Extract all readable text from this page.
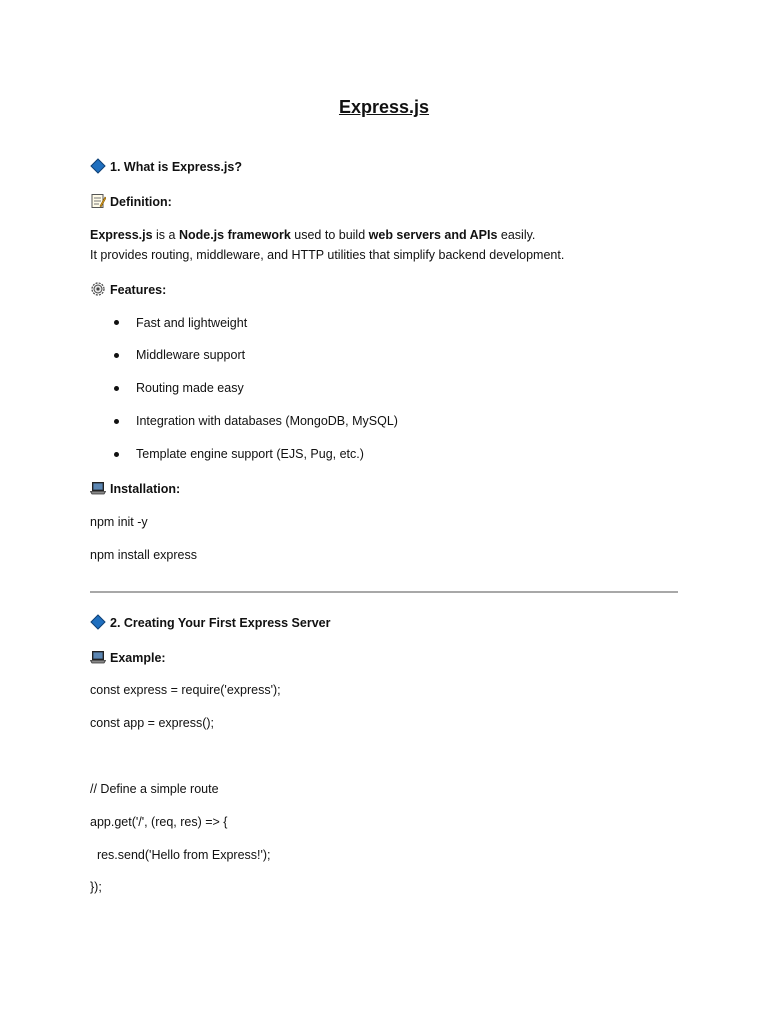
Express.js
1. What is Express.js?
Definition:
Express.js is a Node.js framework used to build web servers and APIs easily.
It provides routing, middleware, and HTTP utilities that simplify backend development.
Features:
Fast and lightweight
Middleware support
Routing made easy
Integration with databases (MongoDB, MySQL)
Template engine support (EJS, Pug, etc.)
Installation:
npm init -y
npm install express
2. Creating Your First Express Server
Example:
const express = require('express');
const app = express();
// Define a simple route
app.get('/', (req, res) => {
res.send('Hello from Express!');
});
